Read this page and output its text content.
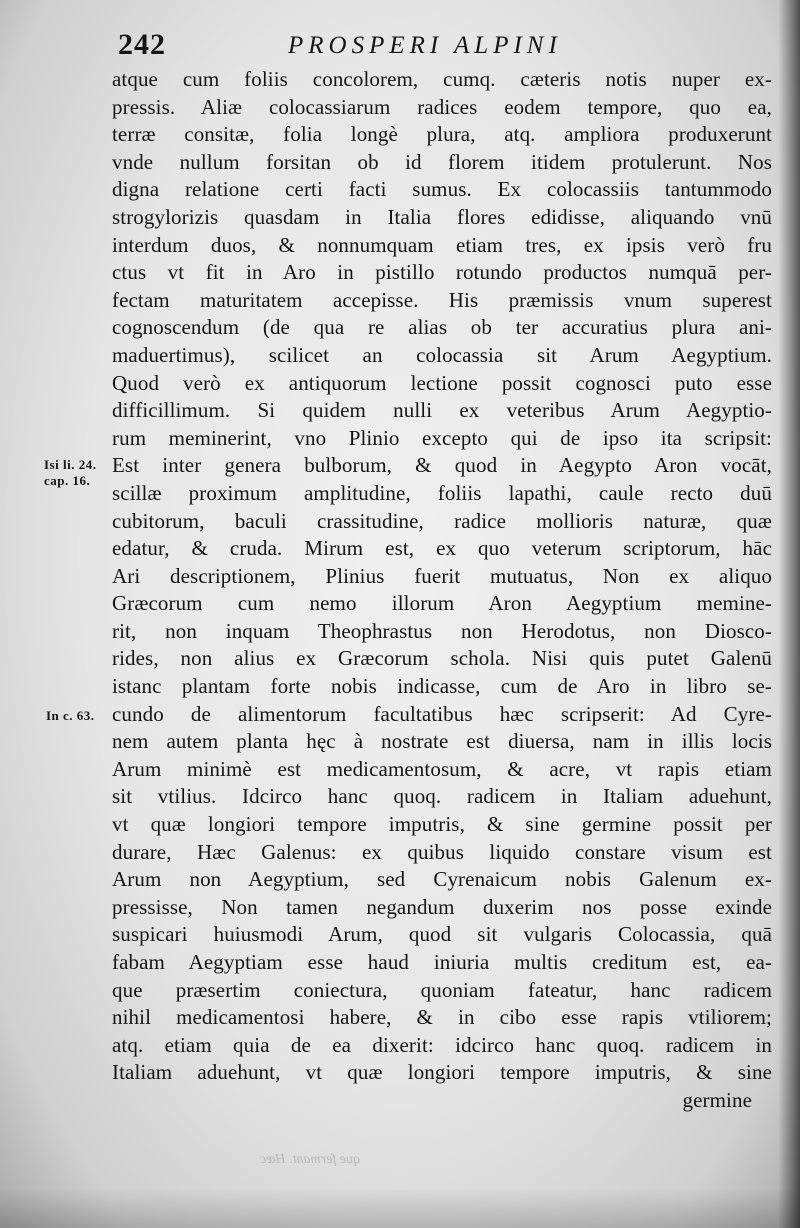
242	PROSPERI ALPINI
Isi li. 24.
cap. 16.
In c. 63.
atque cum foliis concolorem, cumq. cæteris notis nuper ex-
pressis. Aliæ colocassiarum radices eodem tempore, quo ea,
terræ consitæ, folia longè plura, atq. ampliora produxerunt
vnde nullum forsitan ob id florem itidem protulerunt. Nos
digna relatione certi facti sumus. Ex colocassiis tantummodo
strogylorizis quasdam in Italia flores edidisse, aliquando vnū
interdum duos, & nonnumquam etiam tres, ex ipsis verò fru
ctus vt fit in Aro in pistillo rotundo productos numquā per-
fectam maturitatem accepisse. His præmissis vnum superest
cognoscendum (de qua re alias ob ter accuratius plura ani-
maduertimus), scilicet an colocassia sit Arum Aegyptium.
Quod verò ex antiquorum lectione possit cognosci puto esse
difficillimum. Si quidem nulli ex veteribus Arum Aegyptio-
rum meminerint, vno Plinio excepto qui de ipso ita scripsit:
Est inter genera bulborum, & quod in Aegypto Aron vocāt,
scillæ proximum amplitudine, foliis lapathi, caule recto duū
cubitorum, baculi crassitudine, radice mollioris naturæ, quæ
edatur, & cruda. Mirum est, ex quo veterum scriptorum, hāc
Ari descriptionem, Plinius fuerit mutuatus, Non ex aliquo
Græcorum cum nemo illorum Aron Aegyptium memine-
rit, non inquam Theophrastus non Herodotus, non Diosco-
rides, non alius ex Græcorum schola. Nisi quis putet Galenū
istanc plantam forte nobis indicasse, cum de Aro in libro se-
cundo de alimentorum facultatibus hæc scripserit: Ad Cyre-
nem autem planta hęc à nostrate est diuersa, nam in illis locis
Arum minimè est medicamentosum, & acre, vt rapis etiam
sit vtilius. Idcirco hanc quoq. radicem in Italiam aduehunt,
vt quæ longiori tempore imputris, & sine germine possit per
durare, Hæc Galenus: ex quibus liquido constare visum est
Arum non Aegyptium, sed Cyrenaicum nobis Galenum ex-
pressisse, Non tamen negandum duxerim nos posse exinde
suspicari huiusmodi Arum, quod sit vulgaris Colocassia, quā
fabam Aegyptiam esse haud iniuria multis creditum est, ea-
que præsertim coniectura, quoniam fateatur, hanc radicem
nihil medicamentosi habere, & in cibo esse rapis vtiliorem;
atq. etiam quia de ea dixerit: idcirco hanc quoq. radicem in
Italiam aduehunt, vt quæ longiori tempore imputris, & sine
germine
que fermant. Hæc
